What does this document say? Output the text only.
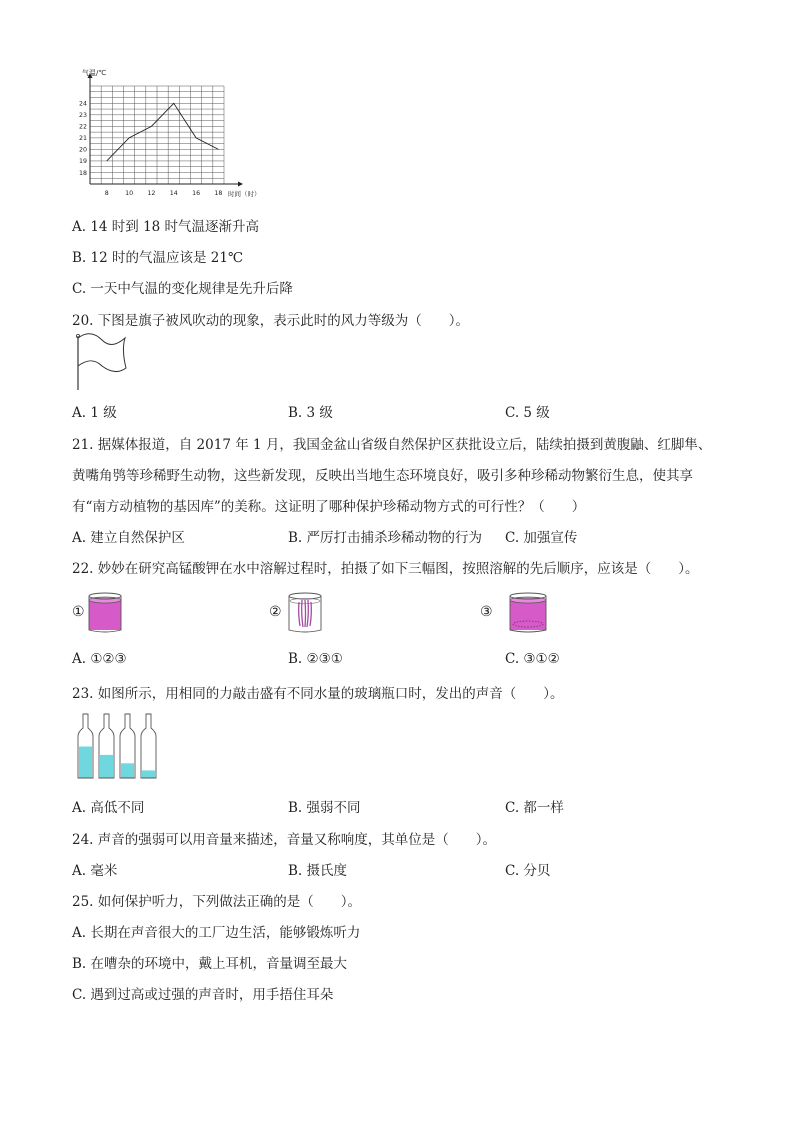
气温/℃
时间（时）
18
19
20
21
22
23
24
8	10 12 14 16 18
A. 14 时到 18 时气温逐渐升高
B. 12 时的气温应该是 21℃
C. 一天中气温的变化规律是先升后降
20. 下图是旗子被风吹动的现象，表示此时的风力等级为（　　）。
A. 1 级	B. 3 级	C. 5 级
21. 据媒体报道，自 2017 年 1 月，我国金盆山省级自然保护区获批设立后，陆续拍摄到黄腹鼬、红脚隼、
黄嘴角鸮等珍稀野生动物，这些新发现，反映出当地生态环境良好，吸引多种珍稀动物繁衍生息，使其享
有“南方动植物的基因库”的美称。这证明了哪种保护珍稀动物方式的可行性？（　　）
A. 建立自然保护区	B. 严厉打击捕杀珍稀动物的行为 C. 加强宣传
22. 妙妙在研究高锰酸钾在水中溶解过程时，拍摄了如下三幅图，按照溶解的先后顺序，应该是（　　）。
①	②	③
A. ①②③	B. ②③①	C. ③①②
23. 如图所示，用相同的力敲击盛有不同水量的玻璃瓶口时，发出的声音（　　）。
A. 高低不同	B. 强弱不同	C. 都一样
24. 声音的强弱可以用音量来描述，音量又称响度，其单位是（　　）。
A. 毫米	B. 摄氏度	C. 分贝
25. 如何保护听力，下列做法正确的是（　　）。
A. 长期在声音很大的工厂边生活，能够锻炼听力
B. 在嘈杂的环境中，戴上耳机，音量调至最大
C. 遇到过高或过强的声音时，用手捂住耳朵
